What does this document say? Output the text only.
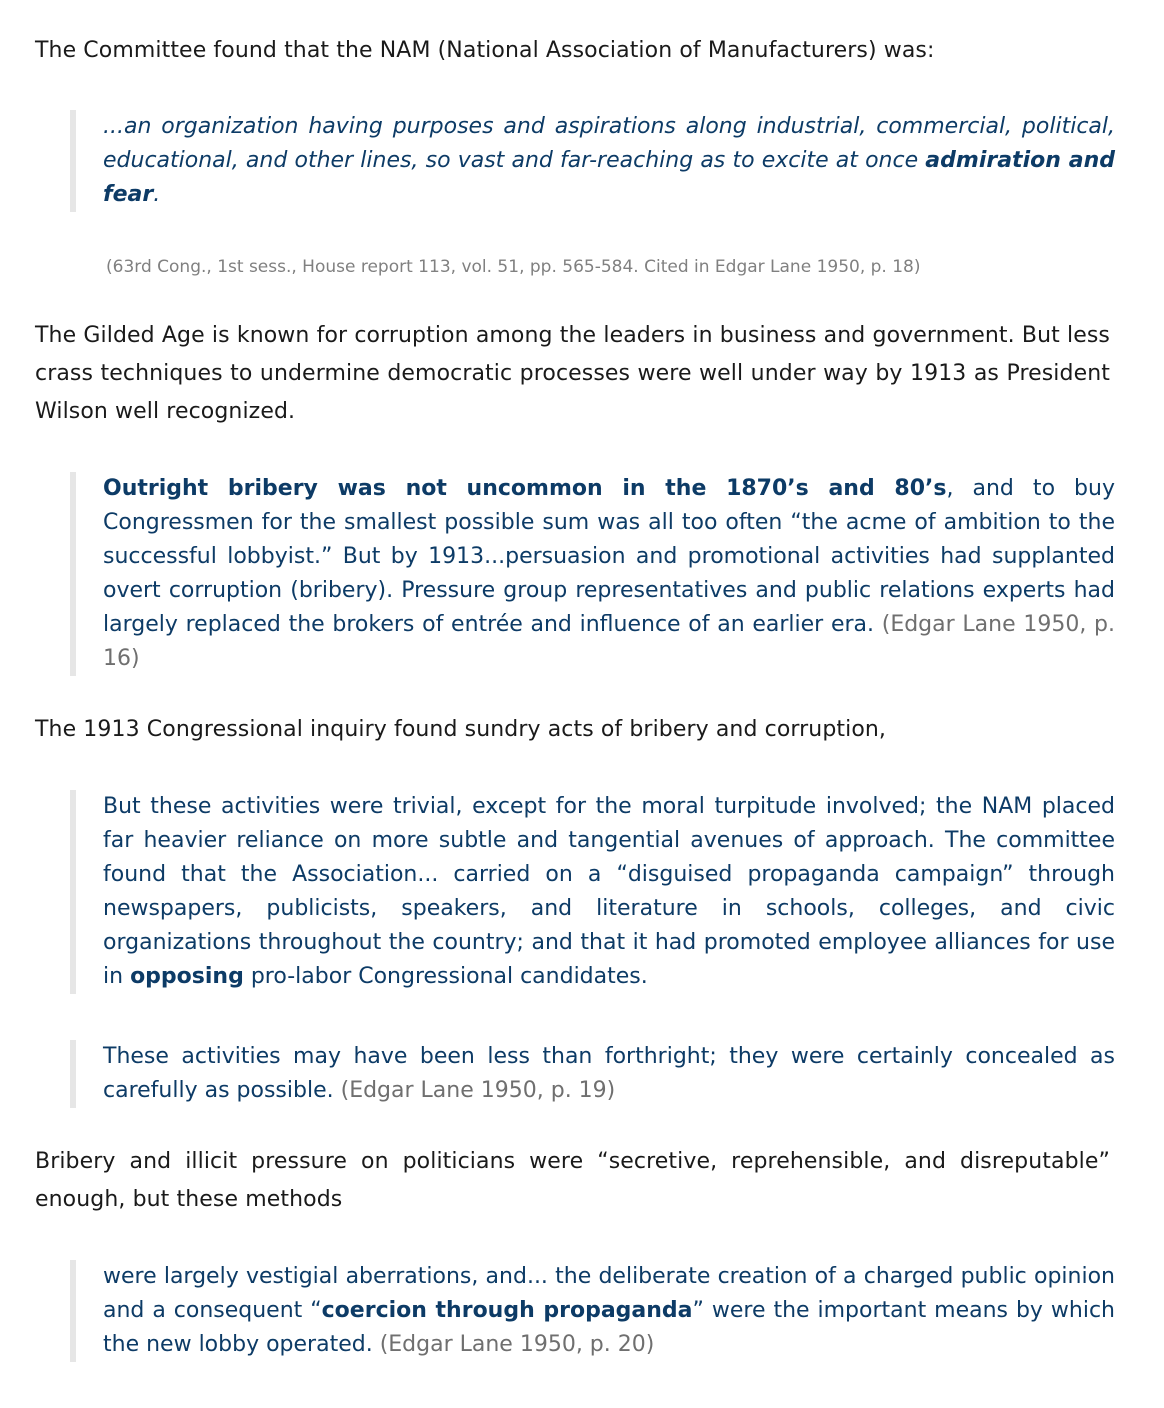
The Committee found that the NAM (National Association of Manufacturers) was:

...an organization having purposes and aspirations along industrial, commercial, political, educational, and other lines, so vast and far-reaching as to excite at once admiration and fear.

(63rd Cong., 1st sess., House report 113, vol. 51, pp. 565-584. Cited in Edgar Lane 1950, p. 18)

The Gilded Age is known for corruption among the leaders in business and government. But less crass techniques to undermine democratic processes were well under way by 1913 as President Wilson well recognized.

Outright bribery was not uncommon in the 1870’s and 80’s, and to buy Congressmen for the smallest possible sum was all too often “the acme of ambition to the successful lobbyist.” But by 1913...persuasion and promotional activities had supplanted overt corruption (bribery). Pressure group representatives and public relations experts had largely replaced the brokers of entrée and influence of an earlier era. (Edgar Lane 1950, p. 16)

The 1913 Congressional inquiry found sundry acts of bribery and corruption,

But these activities were trivial, except for the moral turpitude involved; the NAM placed far heavier reliance on more subtle and tangential avenues of approach. The committee found that the Association... carried on a “disguised propaganda campaign” through newspapers, publicists, speakers, and literature in schools, colleges, and civic organizations throughout the country; and that it had promoted employee alliances for use in opposing pro-labor Congressional candidates.

These activities may have been less than forthright; they were certainly concealed as carefully as possible. (Edgar Lane 1950, p. 19)

Bribery and illicit pressure on politicians were “secretive, reprehensible, and disreputable” enough, but these methods

were largely vestigial aberrations, and... the deliberate creation of a charged public opinion and a consequent “coercion through propaganda” were the important means by which the new lobby operated. (Edgar Lane 1950, p. 20)
